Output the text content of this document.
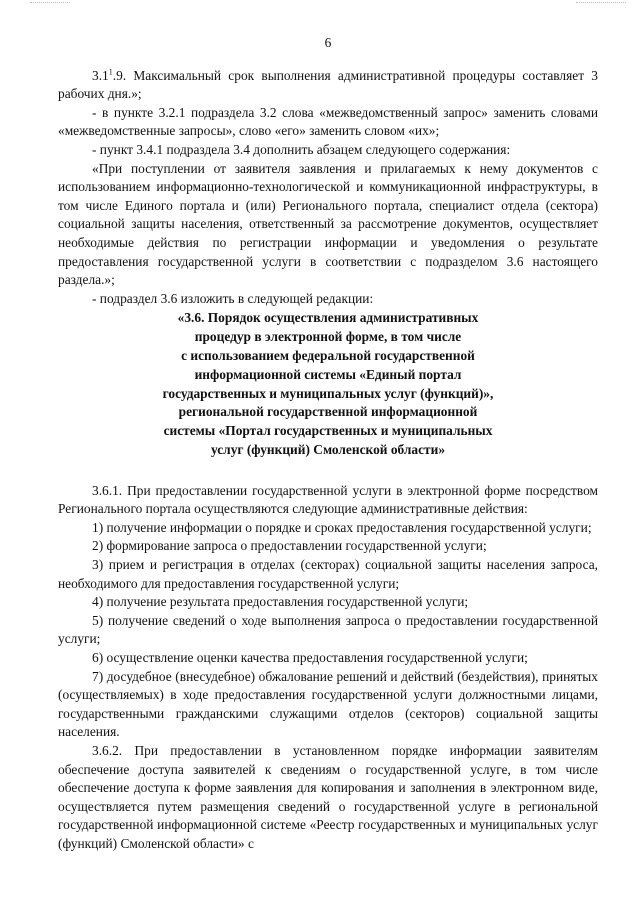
6

$3.1^1.9$. Максимальный срок выполнения административной процедуры составляет 3 рабочих дня.»;

- в пункте 3.2.1 подраздела 3.2 слова «межведомственный запрос» заменить словами «межведомственные запросы», слово «его» заменить словом «их»;

- пункт 3.4.1 подраздела 3.4 дополнить абзацем следующего содержания:

«При поступлении от заявителя заявления и прилагаемых к нему документов с использованием информационно-технологической и коммуникационной инфраструктуры, в том числе Единого портала и (или) Регионального портала, специалист отдела (сектора) социальной защиты населения, ответственный за рассмотрение документов, осуществляет необходимые действия по регистрации информации и уведомления о результате предоставления государственной услуги в соответствии с подразделом 3.6 настоящего раздела.»;

- подраздел 3.6 изложить в следующей редакции:

«3.6. Порядок осуществления административных
процедур в электронной форме, в том числе
с использованием федеральной государственной
информационной системы «Единый портал
государственных и муниципальных услуг (функций)»,
региональной государственной информационной
системы «Портал государственных и муниципальных
услуг (функций) Смоленской области»

3.6.1. При предоставлении государственной услуги в электронной форме посредством Регионального портала осуществляются следующие административные действия:

1) получение информации о порядке и сроках предоставления государственной услуги;

2) формирование запроса о предоставлении государственной услуги;

3) прием и регистрация в отделах (секторах) социальной защиты населения запроса, необходимого для предоставления государственной услуги;

4) получение результата предоставления государственной услуги;

5) получение сведений о ходе выполнения запроса о предоставлении государственной услуги;

6) осуществление оценки качества предоставления государственной услуги;

7) досудебное (внесудебное) обжалование решений и действий (бездействия), принятых (осуществляемых) в ходе предоставления государственной услуги должностными лицами, государственными гражданскими служащими отделов (секторов) социальной защиты населения.

3.6.2. При предоставлении в установленном порядке информации заявителям обеспечение доступа заявителей к сведениям о государственной услуге, в том числе обеспечение доступа к форме заявления для копирования и заполнения в электронном виде, осуществляется путем размещения сведений о государственной услуге в региональной государственной информационной системе «Реестр государственных и муниципальных услуг (функций) Смоленской области» с
